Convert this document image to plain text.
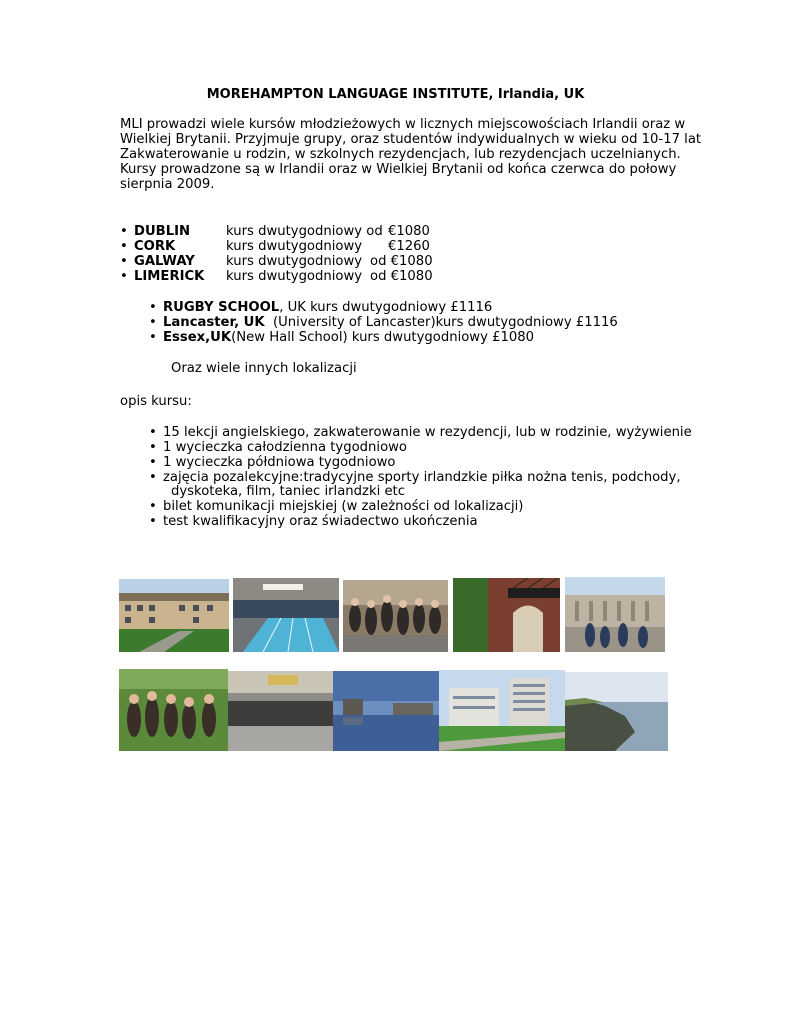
MOREHAMPTON LANGUAGE INSTITUTE, Irlandia, UK
MLI prowadzi wiele kursów młodzieżowych w licznych miejscowościach Irlandii oraz w
Wielkiej Brytanii. Przyjmuje grupy, oraz studentów indywidualnych w wieku od 10-17 lat
Zakwaterowanie u rodzin, w szkolnych rezydencjach, lub rezydencjach uczelnianych.
Kursy prowadzone są w Irlandii oraz w Wielkiej Brytanii od końca czerwca do połowy
sierpnia 2009.
• DUBLIN	kurs dwutygodniowy od €1080
• CORK	kurs dwutygodniowy €1260
• GALWAY kurs dwutygodniowy od €1080
• LIMERICK kurs dwutygodniowy od €1080
• RUGBY SCHOOL, UK kurs dwutygodniowy £1116
• Lancaster, UK  (University of Lancaster)kurs dwutygodniowy £1116
• Essex,UK(New Hall School) kurs dwutygodniowy £1080
Oraz wiele innych lokalizacji
opis kursu:
• 15 lekcji angielskiego, zakwaterowanie w rezydencji, lub w rodzinie, wyżywienie
• 1 wycieczka całodzienna tygodniowo
• 1 wycieczka półdniowa tygodniowo
• zajęcia pozalekcyjne:tradycyjne sporty irlandzkie piłka nożna tenis, podchody,
dyskoteka, film, taniec irlandzki etc
• bilet komunikacji miejskiej (w zależności od lokalizacji)
• test kwalifikacyjny oraz świadectwo ukończenia
